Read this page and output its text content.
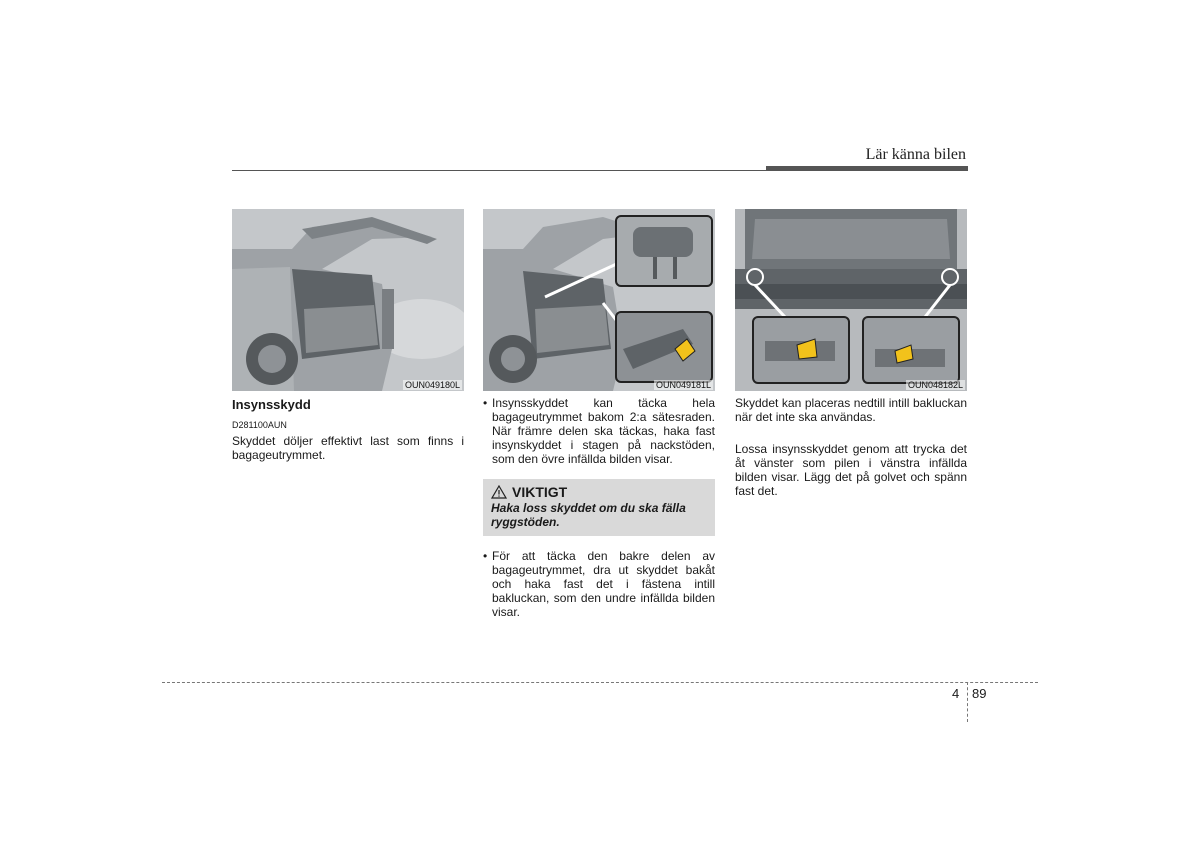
Lär känna bilen
OUN049180L	OUN049181L	OUN048182L
Insynsskydd
D281100AUN

Skyddet döljer effektivt last som finns i bagageutrymmet.

• Insynsskyddet kan täcka hela bagageutrymmet bakom 2:a sätesraden. När främre delen ska täckas, haka fast insynskyddet i stagen på nackstöden, som den övre infällda bilden visar.
VIKTIGT
Haka loss skyddet om du ska fälla ryggstöden.
• För att täcka den bakre delen av bagageutrymmet, dra ut skyddet bakåt och haka fast det i fästena intill bakluckan, som den undre infällda bilden visar.

Skyddet kan placeras nedtill intill bakluckan när det inte ska användas.

Lossa insynsskyddet genom att trycka det åt vänster som pilen i vänstra infällda bilden visar. Lägg det på golvet och spänn fast det.

4 89
